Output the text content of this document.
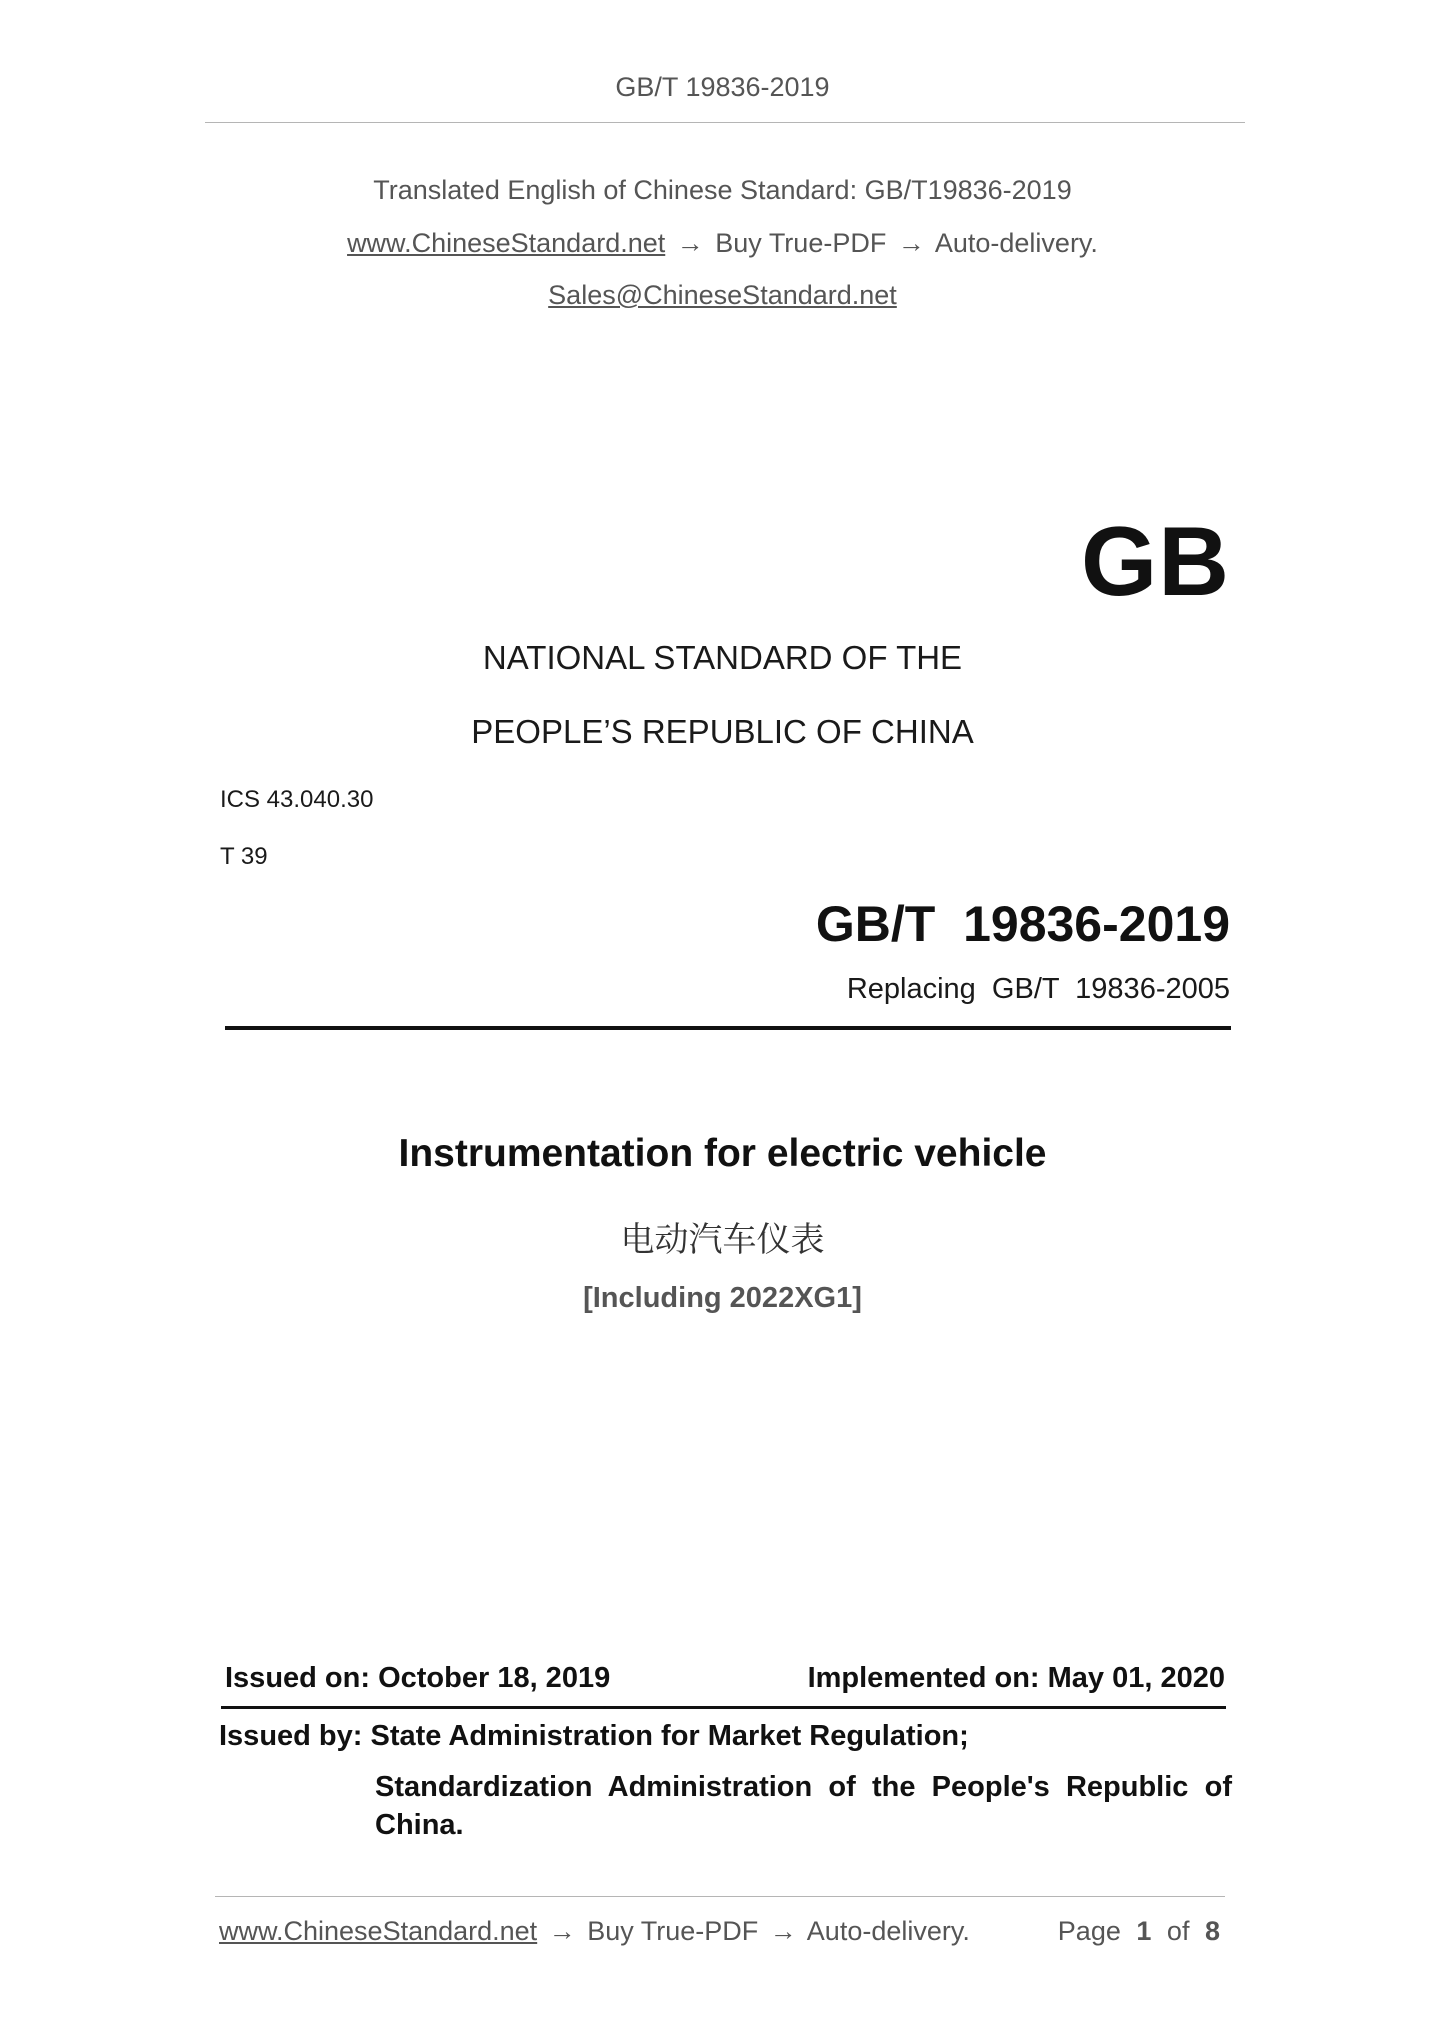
GB/T 19836-2019
Translated English of Chinese Standard: GB/T19836-2019
www.ChineseStandard.net → Buy True-PDF → Auto-delivery.
Sales@ChineseStandard.net
GB
NATIONAL STANDARD OF THE
PEOPLE’S REPUBLIC OF CHINA
ICS 43.040.30
T 39
GB/T  19836-2019
Replacing  GB/T  19836-2005
Instrumentation for electric vehicle
电动汽车仪表
[Including 2022XG1]
Issued on: October 18, 2019	Implemented on: May 01, 2020
Issued by: State Administration for Market Regulation;
Standardization Administration of the People's Republic of China.
www.ChineseStandard.net → Buy True-PDF → Auto-delivery.	Page 1 of 8
